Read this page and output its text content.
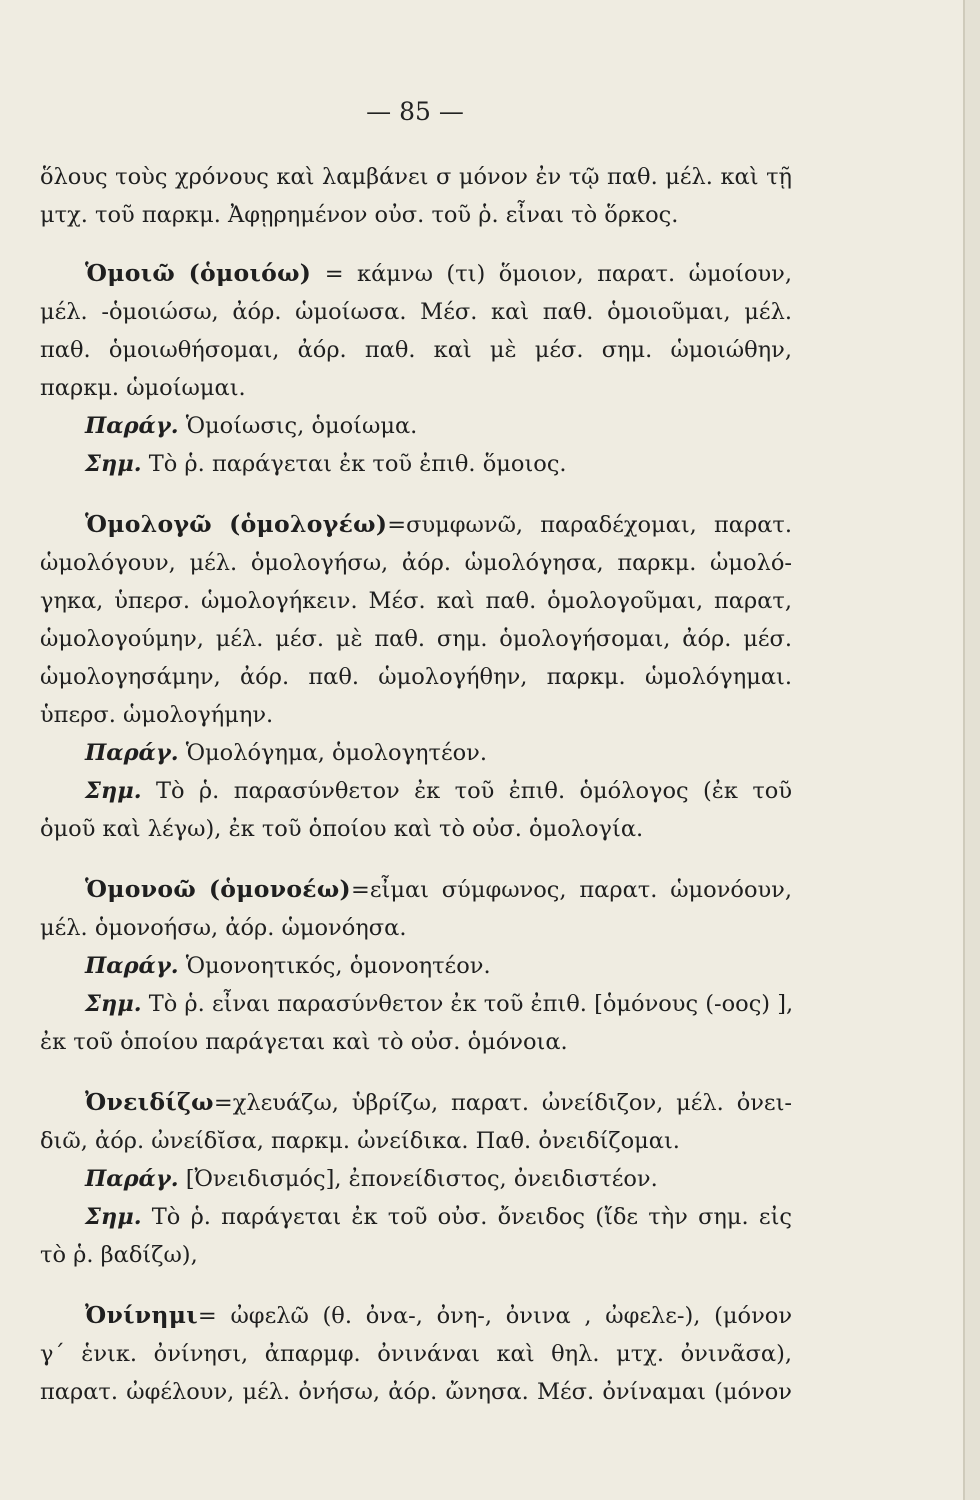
— 85 —
ὅλους τοὺς χρόνους καὶ λαμβάνει σ μόνον ἐν τῷ παθ. μέλ. καὶ τῇ
μτχ. τοῦ παρκμ. Ἀφῃρημένον οὐσ. τοῦ ῥ. εἶναι τὸ ὅρκος.
Ὁμοιῶ (ὁμοιόω) = κάμνω (τι) ὅμοιον, παρατ. ὡμοίουν,
μέλ. -ὁμοιώσω, ἀόρ. ὡμοίωσα. Μέσ. καὶ παθ. ὁμοιοῦμαι, μέλ.
παθ. ὁμοιωθήσομαι, ἀόρ. παθ. καὶ μὲ μέσ. σημ. ὡμοιώθην,
παρκμ. ὡμοίωμαι.
Παράγ. Ὁμοίωσις, ὁμοίωμα.
Σημ. Τὸ ῥ. παράγεται ἐκ τοῦ ἐπιθ. ὅμοιος.
Ὁμολογῶ (ὁμολογέω)=συμφωνῶ, παραδέχομαι, παρατ.
ὡμολόγουν, μέλ. ὁμολογήσω, ἀόρ. ὡμολόγησα, παρκμ. ὡμολό-
γηκα, ὑπερσ. ὡμολογήκειν. Μέσ. καὶ παθ. ὁμολογοῦμαι, παρατ,
ὡμολογούμην, μέλ. μέσ. μὲ παθ. σημ. ὁμολογήσομαι, ἀόρ. μέσ.
ὡμολογησάμην, ἀόρ. παθ. ὡμολογήθην, παρκμ. ὡμολόγημαι.
ὑπερσ. ὡμολογήμην.
Παράγ. Ὁμολόγημα, ὁμολογητέον.
Σημ. Τὸ ῥ. παρασύνθετον ἐκ τοῦ ἐπιθ. ὁμόλογος (ἐκ τοῦ
ὁμοῦ καὶ λέγω), ἐκ τοῦ ὁποίου καὶ τὸ οὐσ. ὁμολογία.
Ὁμονοῶ (ὁμονοέω)=εἶμαι σύμφωνος, παρατ. ὡμονόουν,
μέλ. ὁμονοήσω, ἀόρ. ὡμονόησα.
Παράγ. Ὁμονοητικός, ὁμονοητέον.
Σημ. Τὸ ῥ. εἶναι παρασύνθετον ἐκ τοῦ ἐπιθ. [ὁμόνους (-οος) ],
ἐκ τοῦ ὁποίου παράγεται καὶ τὸ οὐσ. ὁμόνοια.
Ὀνειδίζω=χλευάζω, ὑβρίζω, παρατ. ὠνείδιζον, μέλ. ὀνει-
διῶ, ἀόρ. ὠνείδῐσα, παρκμ. ὠνείδικα. Παθ. ὀνειδίζομαι.
Παράγ. [Ὀνειδισμός], ἐπονείδιστος, ὀνειδιστέον.
Σημ. Τὸ ῥ. παράγεται ἐκ τοῦ οὐσ. ὄνειδος (ἴδε τὴν σημ. εἰς
τὸ ῥ. βαδίζω),
Ὀνίνημι= ὠφελῶ (θ. ὀνα-, ὀνη-, ὀνινα , ὠφελε-), (μόνον
γ΄ ἑνικ. ὀνίνησι, ἀπαρμφ. ὀνινάναι καὶ θηλ. μτχ. ὀνινᾶσα),
παρατ. ὠφέλουν, μέλ. ὀνήσω, ἀόρ. ὤνησα. Μέσ. ὀνίναμαι (μόνον
